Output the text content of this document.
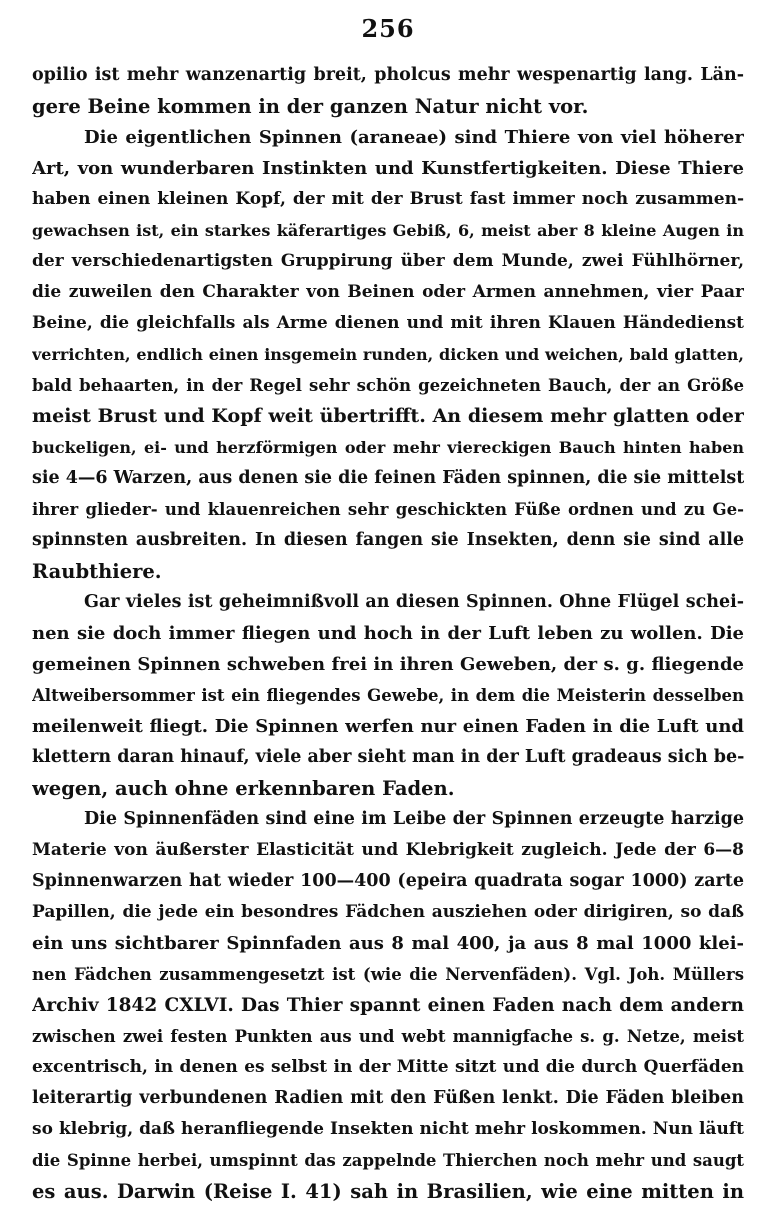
256
opilio ist mehr wanzenartig breit, pholcus mehr wespenartig lang. Län-
gere Beine kommen in der ganzen Natur nicht vor.
Die eigentlichen Spinnen (araneae) sind Thiere von viel höherer
Art, von wunderbaren Instinkten und Kunstfertigkeiten. Diese Thiere
haben einen kleinen Kopf, der mit der Brust fast immer noch zusammen-
gewachsen ist, ein starkes käferartiges Gebiß, 6, meist aber 8 kleine Augen in
der verschiedenartigsten Gruppirung über dem Munde, zwei Fühlhörner,
die zuweilen den Charakter von Beinen oder Armen annehmen, vier Paar
Beine, die gleichfalls als Arme dienen und mit ihren Klauen Händedienst
verrichten, endlich einen insgemein runden, dicken und weichen, bald glatten,
bald behaarten, in der Regel sehr schön gezeichneten Bauch, der an Größe
meist Brust und Kopf weit übertrifft. An diesem mehr glatten oder
buckeligen, ei- und herzförmigen oder mehr viereckigen Bauch hinten haben
sie 4—6 Warzen, aus denen sie die feinen Fäden spinnen, die sie mittelst
ihrer glieder- und klauenreichen sehr geschickten Füße ordnen und zu Ge-
spinnsten ausbreiten. In diesen fangen sie Insekten, denn sie sind alle
Raubthiere.
Gar vieles ist geheimnißvoll an diesen Spinnen. Ohne Flügel schei-
nen sie doch immer fliegen und hoch in der Luft leben zu wollen. Die
gemeinen Spinnen schweben frei in ihren Geweben, der s. g. fliegende
Altweibersommer ist ein fliegendes Gewebe, in dem die Meisterin desselben
meilenweit fliegt. Die Spinnen werfen nur einen Faden in die Luft und
klettern daran hinauf, viele aber sieht man in der Luft gradeaus sich be-
wegen, auch ohne erkennbaren Faden.
Die Spinnenfäden sind eine im Leibe der Spinnen erzeugte harzige
Materie von äußerster Elasticität und Klebrigkeit zugleich. Jede der 6—8
Spinnenwarzen hat wieder 100—400 (epeira quadrata sogar 1000) zarte
Papillen, die jede ein besondres Fädchen ausziehen oder dirigiren, so daß
ein uns sichtbarer Spinnfaden aus 8 mal 400, ja aus 8 mal 1000 klei-
nen Fädchen zusammengesetzt ist (wie die Nervenfäden). Vgl. Joh. Müllers
Archiv 1842 CXLVI. Das Thier spannt einen Faden nach dem andern
zwischen zwei festen Punkten aus und webt mannigfache s. g. Netze, meist
excentrisch, in denen es selbst in der Mitte sitzt und die durch Querfäden
leiterartig verbundenen Radien mit den Füßen lenkt. Die Fäden bleiben
so klebrig, daß heranfliegende Insekten nicht mehr loskommen. Nun läuft
die Spinne herbei, umspinnt das zappelnde Thierchen noch mehr und saugt
es aus. Darwin (Reise I. 41) sah in Brasilien, wie eine mitten in
